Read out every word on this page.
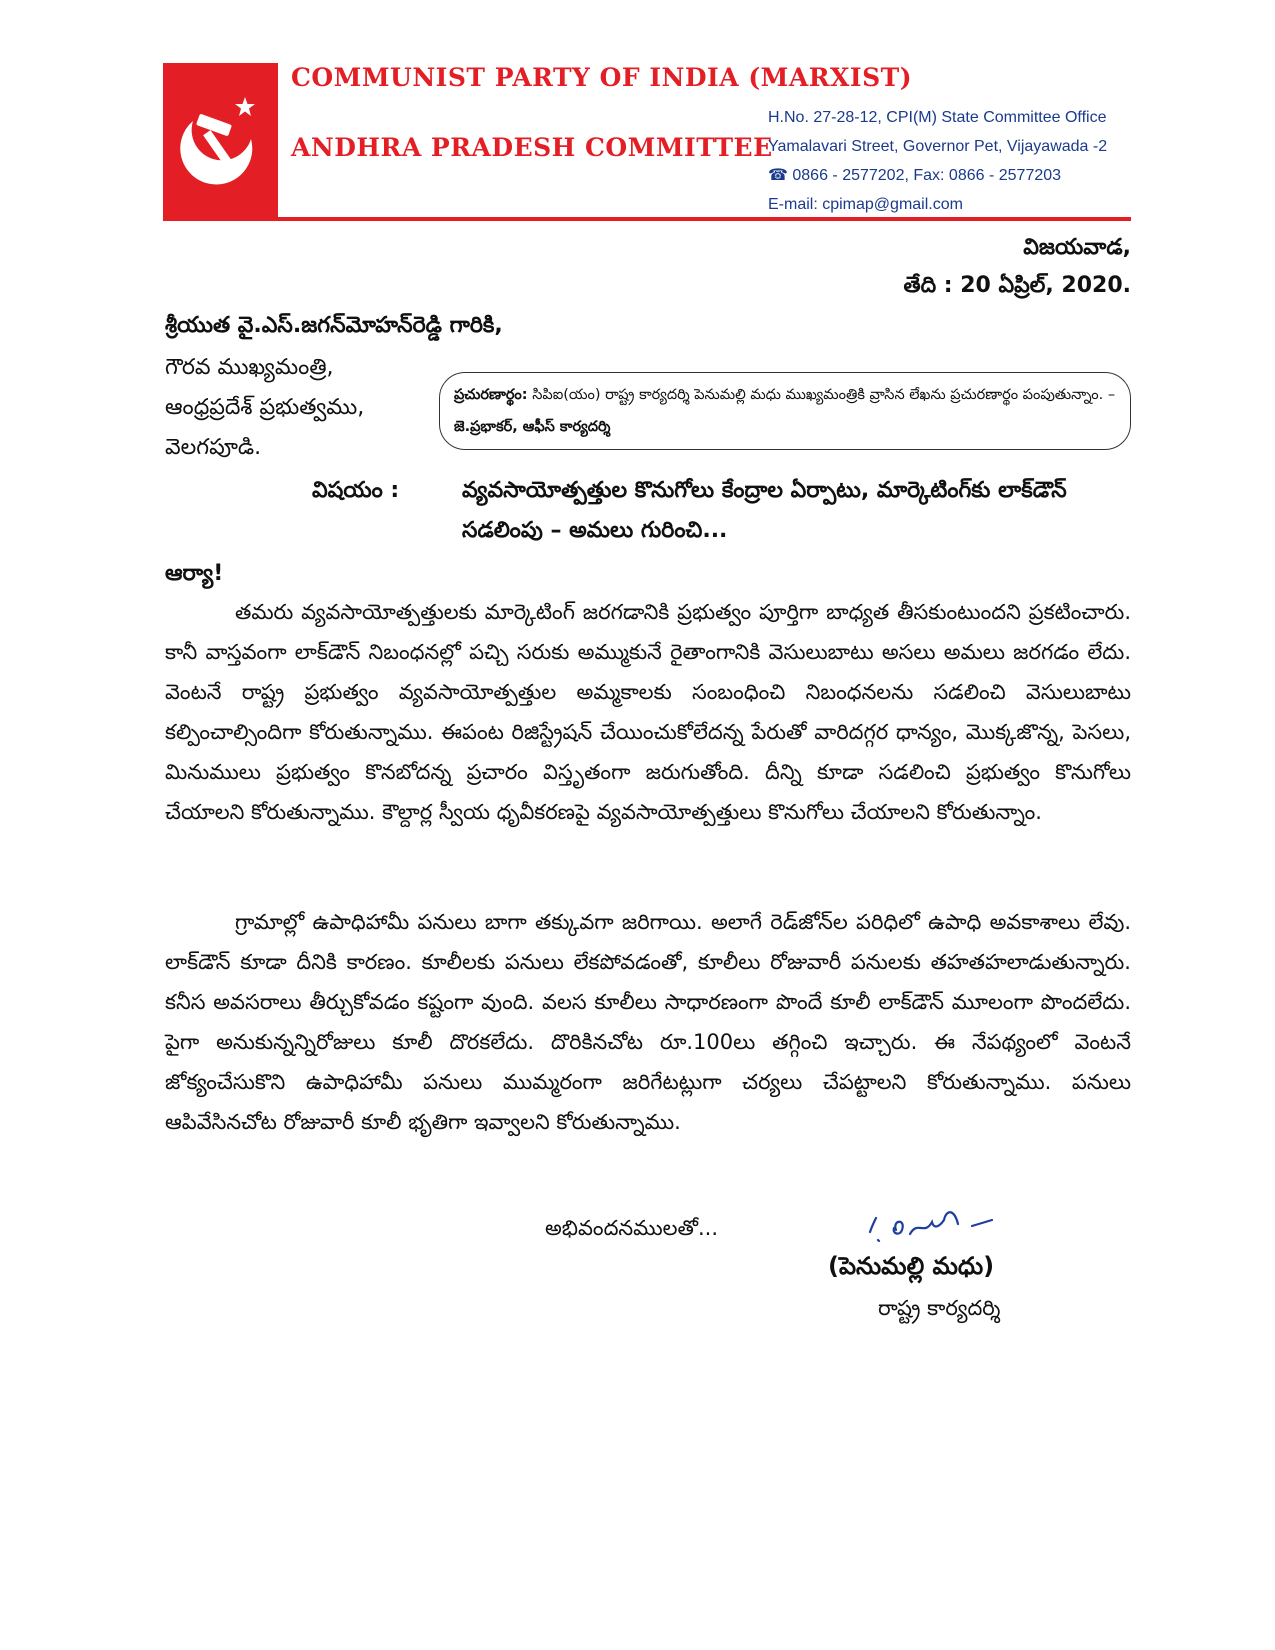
COMMUNIST PARTY OF INDIA (MARXIST)
ANDHRA PRADESH COMMITTEE
H.No. 27-28-12, CPI(M) State Committee Office
Yamalavari Street, Governor Pet, Vijayawada -2
☎ 0866 - 2577202, Fax: 0866 - 2577203
E-mail: cpimap@gmail.com
విజయవాడ,
తేది : 20 ఏప్రిల్, 2020.
శ్రీయుత వై.ఎస్.జగన్‌మోహన్‌రెడ్డి గారికి,
గౌరవ ముఖ్యమంత్రి,
ఆంధ్రప్రదేశ్ ప్రభుత్వము,
వెలగపూడి.
ప్రచురణార్థం: సిపిఐ(యం) రాష్ట్ర కార్యదర్శి పెనుమల్లి మధు ముఖ్యమంత్రికి వ్రాసిన లేఖను ప్రచురణార్థం పంపుతున్నాం. – జె.ప్రభాకర్, ఆఫీస్ కార్యదర్శి
విషయం :	వ్యవసాయోత్పత్తుల కొనుగోలు కేంద్రాల ఏర్పాటు, మార్కెటింగ్‌కు లాక్‌డౌన్ సడలింపు – అమలు గురించి...
ఆర్యా!
తమరు వ్యవసాయోత్పత్తులకు మార్కెటింగ్ జరగడానికి ప్రభుత్వం పూర్తిగా బాధ్యత తీసకుంటుందని ప్రకటించారు. కానీ వాస్తవంగా లాక్‌డౌన్ నిబంధనల్లో పచ్చి సరుకు అమ్ముకునే రైతాంగానికి వెసులుబాటు అసలు అమలు జరగడం లేదు. వెంటనే రాష్ట్ర ప్రభుత్వం వ్యవసాయోత్పత్తుల అమ్మకాలకు సంబంధించి నిబంధనలను సడలించి వెసులుబాటు కల్పించాల్సిందిగా కోరుతున్నాము. ఈపంట రిజిస్ట్రేషన్ చేయించుకోలేదన్న పేరుతో వారిదగ్గర ధాన్యం, మొక్కజొన్న, పెసలు, మినుములు ప్రభుత్వం కొనబోదన్న ప్రచారం విస్తృతంగా జరుగుతోంది. దీన్ని కూడా సడలించి ప్రభుత్వం కొనుగోలు చేయాలని కోరుతున్నాము. కౌల్దార్ల స్వీయ ధృవీకరణపై వ్యవసాయోత్పత్తులు కొనుగోలు చేయాలని కోరుతున్నాం.
గ్రామాల్లో ఉపాధిహామీ పనులు బాగా తక్కువగా జరిగాయి. అలాగే రెడ్‌జోన్‌ల పరిధిలో ఉపాధి అవకాశాలు లేవు. లాక్‌డౌన్ కూడా దీనికి కారణం. కూలీలకు పనులు లేకపోవడంతో, కూలీలు రోజువారీ పనులకు తహతహలాడుతున్నారు. కనీస అవసరాలు తీర్చుకోవడం కష్టంగా వుంది. వలస కూలీలు సాధారణంగా పొందే కూలీ లాక్‌డౌన్ మూలంగా పొందలేదు. పైగా అనుకున్నన్నిరోజులు కూలీ దొరకలేదు. దొరికినచోట రూ.100లు తగ్గించి ఇచ్చారు. ఈ నేపథ్యంలో వెంటనే జోక్యంచేసుకొని ఉపాధిహామీ పనులు ముమ్మరంగా జరిగేటట్లుగా చర్యలు చేపట్టాలని కోరుతున్నాము. పనులు ఆపివేసినచోట రోజువారీ కూలీ భృతిగా ఇవ్వాలని కోరుతున్నాము.
అభివందనములతో...
(పెనుమల్లి మధు)
రాష్ట్ర కార్యదర్శి
